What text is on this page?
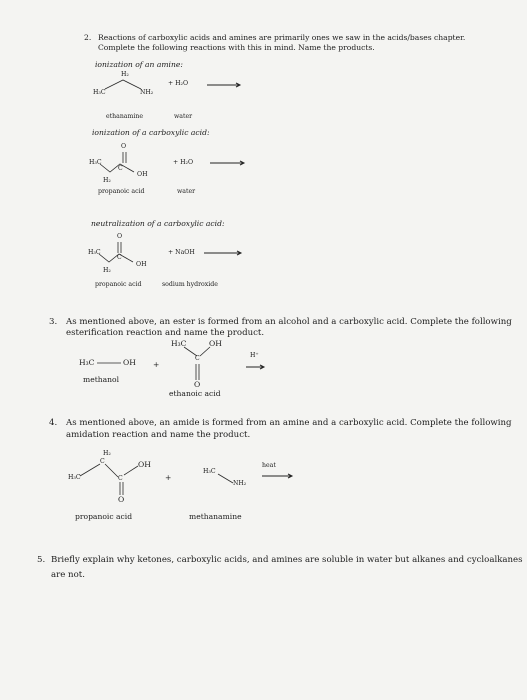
2. Reactions of carboxylic acids and amines are primarily ones we saw in the acids/bases chapter.
Complete the following reactions with this in mind. Name the products.
ionization of an amine:
H₂
H₃C	NH₂
+ H₂O
ethanamine	water
ionization of a carboxylic acid:
O
H₃C
C
OH
H₂
+ H₂O
propanoic acid	water
neutralization of a carboxylic acid:
O
H₃C
C
OH
H₂
+ NaOH
propanoic acid	sodium hydroxide
3. As mentioned above, an ester is formed from an alcohol and a carboxylic acid. Complete the following
esterification reaction and name the product.
H₃C	OH
methanol
+
H₃C	OH
C
O
ethanoic acid
H⁺
4. As mentioned above, an amide is formed from an amine and a carboxylic acid. Complete the following
amidation reaction and name the product.
H₂
C
H₃C	C
OH
O
propanoic acid
+
H₃C
NH₂
methanamine
heat
5. Briefly explain why ketones, carboxylic acids, and amines are soluble in water but alkanes and cycloalkanes
are not.
